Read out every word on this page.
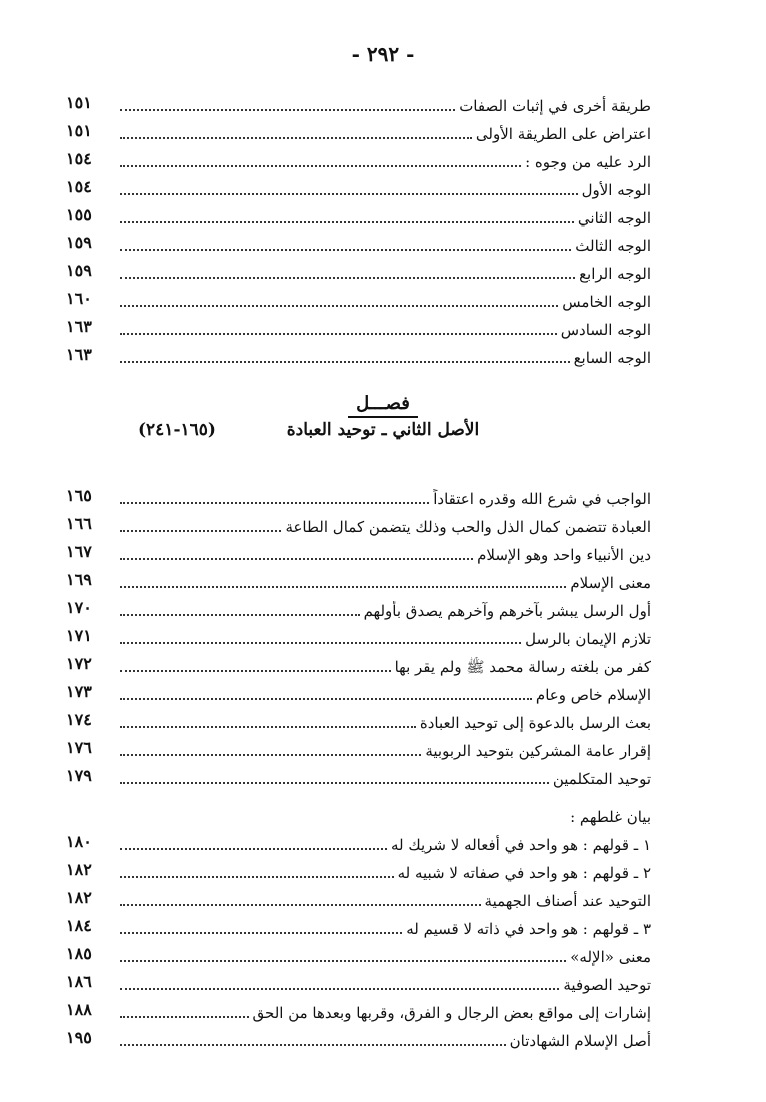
- ٢٩٢ -
طريقة أخرى في إثبات الصفات
١٥١
اعتراض على الطريقة الأولى
١٥١
الرد عليه من وجوه :
١٥٤
الوجه الأول
١٥٤
الوجه الثاني
١٥٥
الوجه الثالث
١٥٩
الوجه الرابع
١٥٩
الوجه الخامس
١٦٠
الوجه السادس
١٦٣
الوجه السابع
١٦٣
فصـــل
الأصل الثاني ـ توحيد العبادة
(١٦٥-٢٤١)
الواجب في شرع الله وقدره اعتقاداً
١٦٥
العبادة تتضمن كمال الذل والحب وذلك يتضمن كمال الطاعة
١٦٦
دين الأنبياء واحد وهو الإسلام
١٦٧
معنى الإسلام
١٦٩
أول الرسل يبشر بآخرهم وآخرهم يصدق بأولهم
١٧٠
تلازم الإيمان بالرسل
١٧١
كفر من بلغته رسالة محمد ﷺ ولم يقر بها
١٧٢
الإسلام خاص وعام
١٧٣
بعث الرسل بالدعوة إلى توحيد العبادة
١٧٤
إقرار عامة المشركين بتوحيد الربوبية
١٧٦
توحيد المتكلمين
١٧٩
بيان غلطهم :
١ ـ قولهم : هو واحد في أفعاله لا شريك له
١٨٠
٢ ـ قولهم : هو واحد في صفاته لا شبيه له
١٨٢
التوحيد عند أصناف الجهمية
١٨٢
٣ ـ قولهم : هو واحد في ذاته لا قسيم له
١٨٤
معنى «الإله»
١٨٥
توحيد الصوفية
١٨٦
إشارات إلى مواقع بعض الرجال و الفرق، وقربها وبعدها من الحق
١٨٨
أصل الإسلام الشهادتان
١٩٥
